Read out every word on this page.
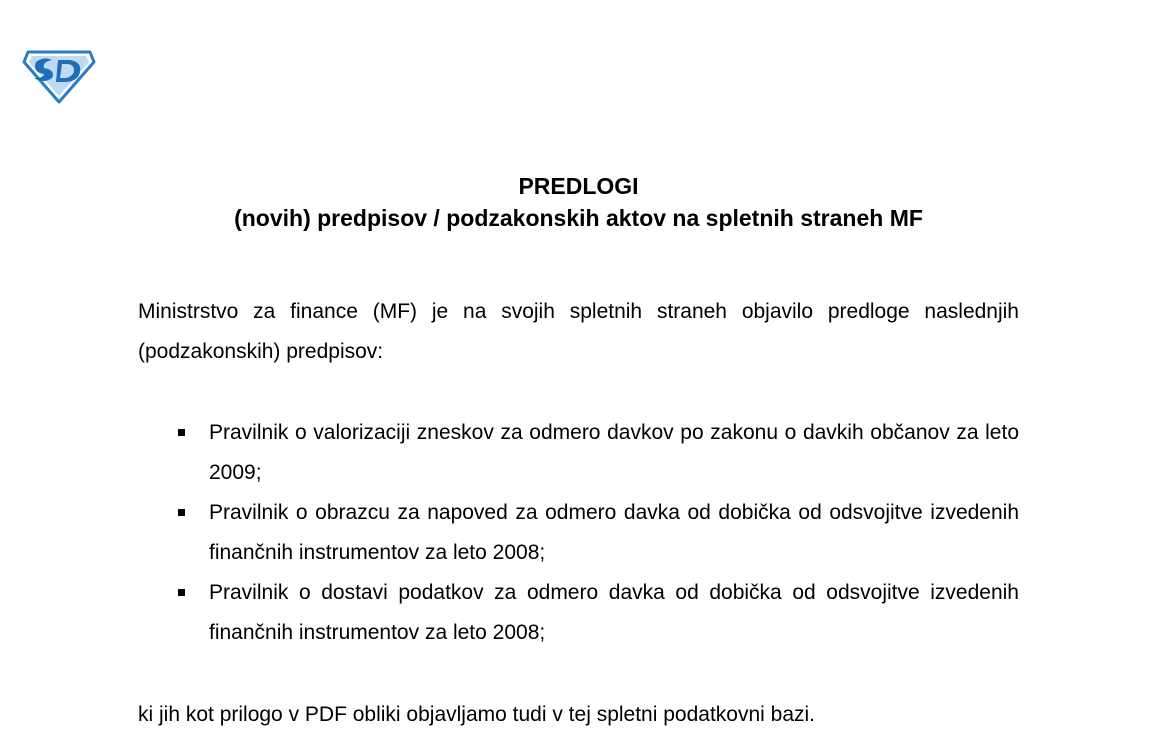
PREDLOGI
(novih) predpisov / podzakonskih aktov na spletnih straneh MF
Ministrstvo za finance (MF) je na svojih spletnih straneh objavilo predloge naslednjih (podzakonskih) predpisov:
Pravilnik o valorizaciji zneskov za odmero davkov po zakonu o davkih občanov za leto 2009;
Pravilnik o obrazcu za napoved za odmero davka od dobička od odsvojitve izvedenih finančnih instrumentov za leto 2008;
Pravilnik o dostavi podatkov za odmero davka od dobička od odsvojitve izvedenih finančnih instrumentov za leto 2008;
ki jih kot prilogo v PDF obliki objavljamo tudi v tej spletni podatkovni bazi.
